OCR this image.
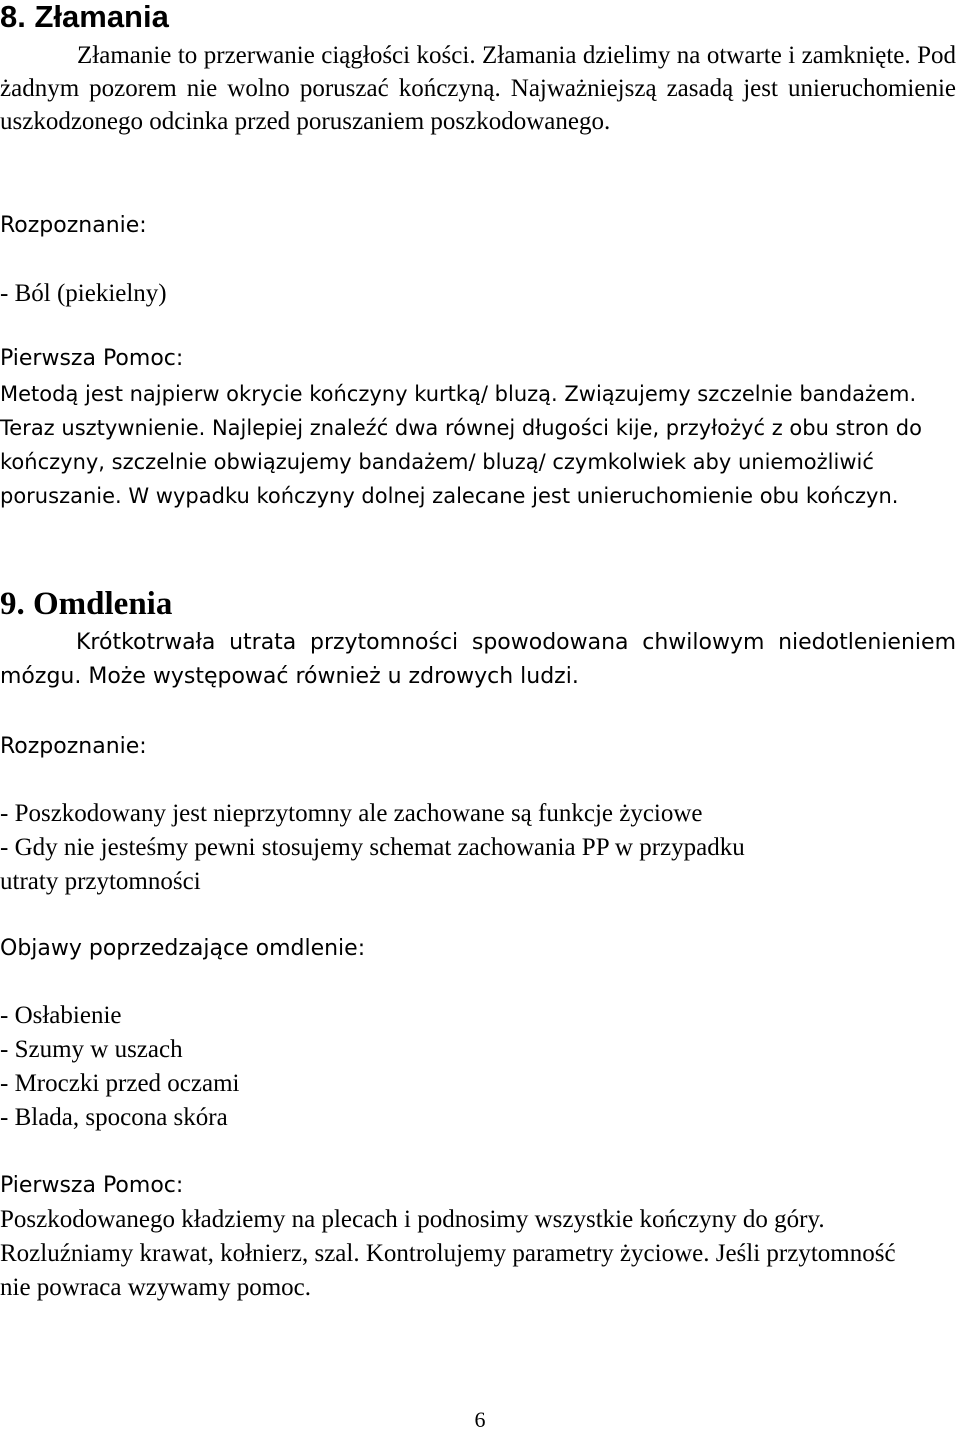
8. Złamania

Złamanie to przerwanie ciągłości kości. Złamania dzielimy na otwarte i zamknięte. Pod żadnym pozorem nie wolno poruszać kończyną. Najważniejszą zasadą jest unieruchomienie uszkodzonego odcinka przed poruszaniem poszkodowanego.

Rozpoznanie:
- Ból (piekielny)
Pierwsza Pomoc:

Metodą jest najpierw okrycie kończyny kurtką/ bluzą. Związujemy szczelnie bandażem. Teraz usztywnienie. Najlepiej znaleźć dwa równej długości kije, przyłożyć z obu stron do kończyny, szczelnie obwiązujemy bandażem/ bluzą/ czymkolwiek aby uniemożliwić poruszanie. W wypadku kończyny dolnej zalecane jest unieruchomienie obu kończyn.

9. Omdlenia

Krótkotrwała utrata przytomności spowodowana chwilowym niedotlenieniem mózgu. Może występować również u zdrowych ludzi.

Rozpoznanie:
- Poszkodowany jest nieprzytomny ale zachowane są funkcje życiowe
- Gdy nie jesteśmy pewni stosujemy schemat zachowania PP w przypadku
utraty przytomności
Objawy poprzedzające omdlenie:
- Osłabienie
- Szumy w uszach
- Mroczki przed oczami
- Blada, spocona skóra
Pierwsza Pomoc:

Poszkodowanego kładziemy na plecach i podnosimy wszystkie kończyny do góry. Rozluźniamy krawat, kołnierz, szal. Kontrolujemy parametry życiowe. Jeśli przytomność nie powraca wzywamy pomoc.

6
